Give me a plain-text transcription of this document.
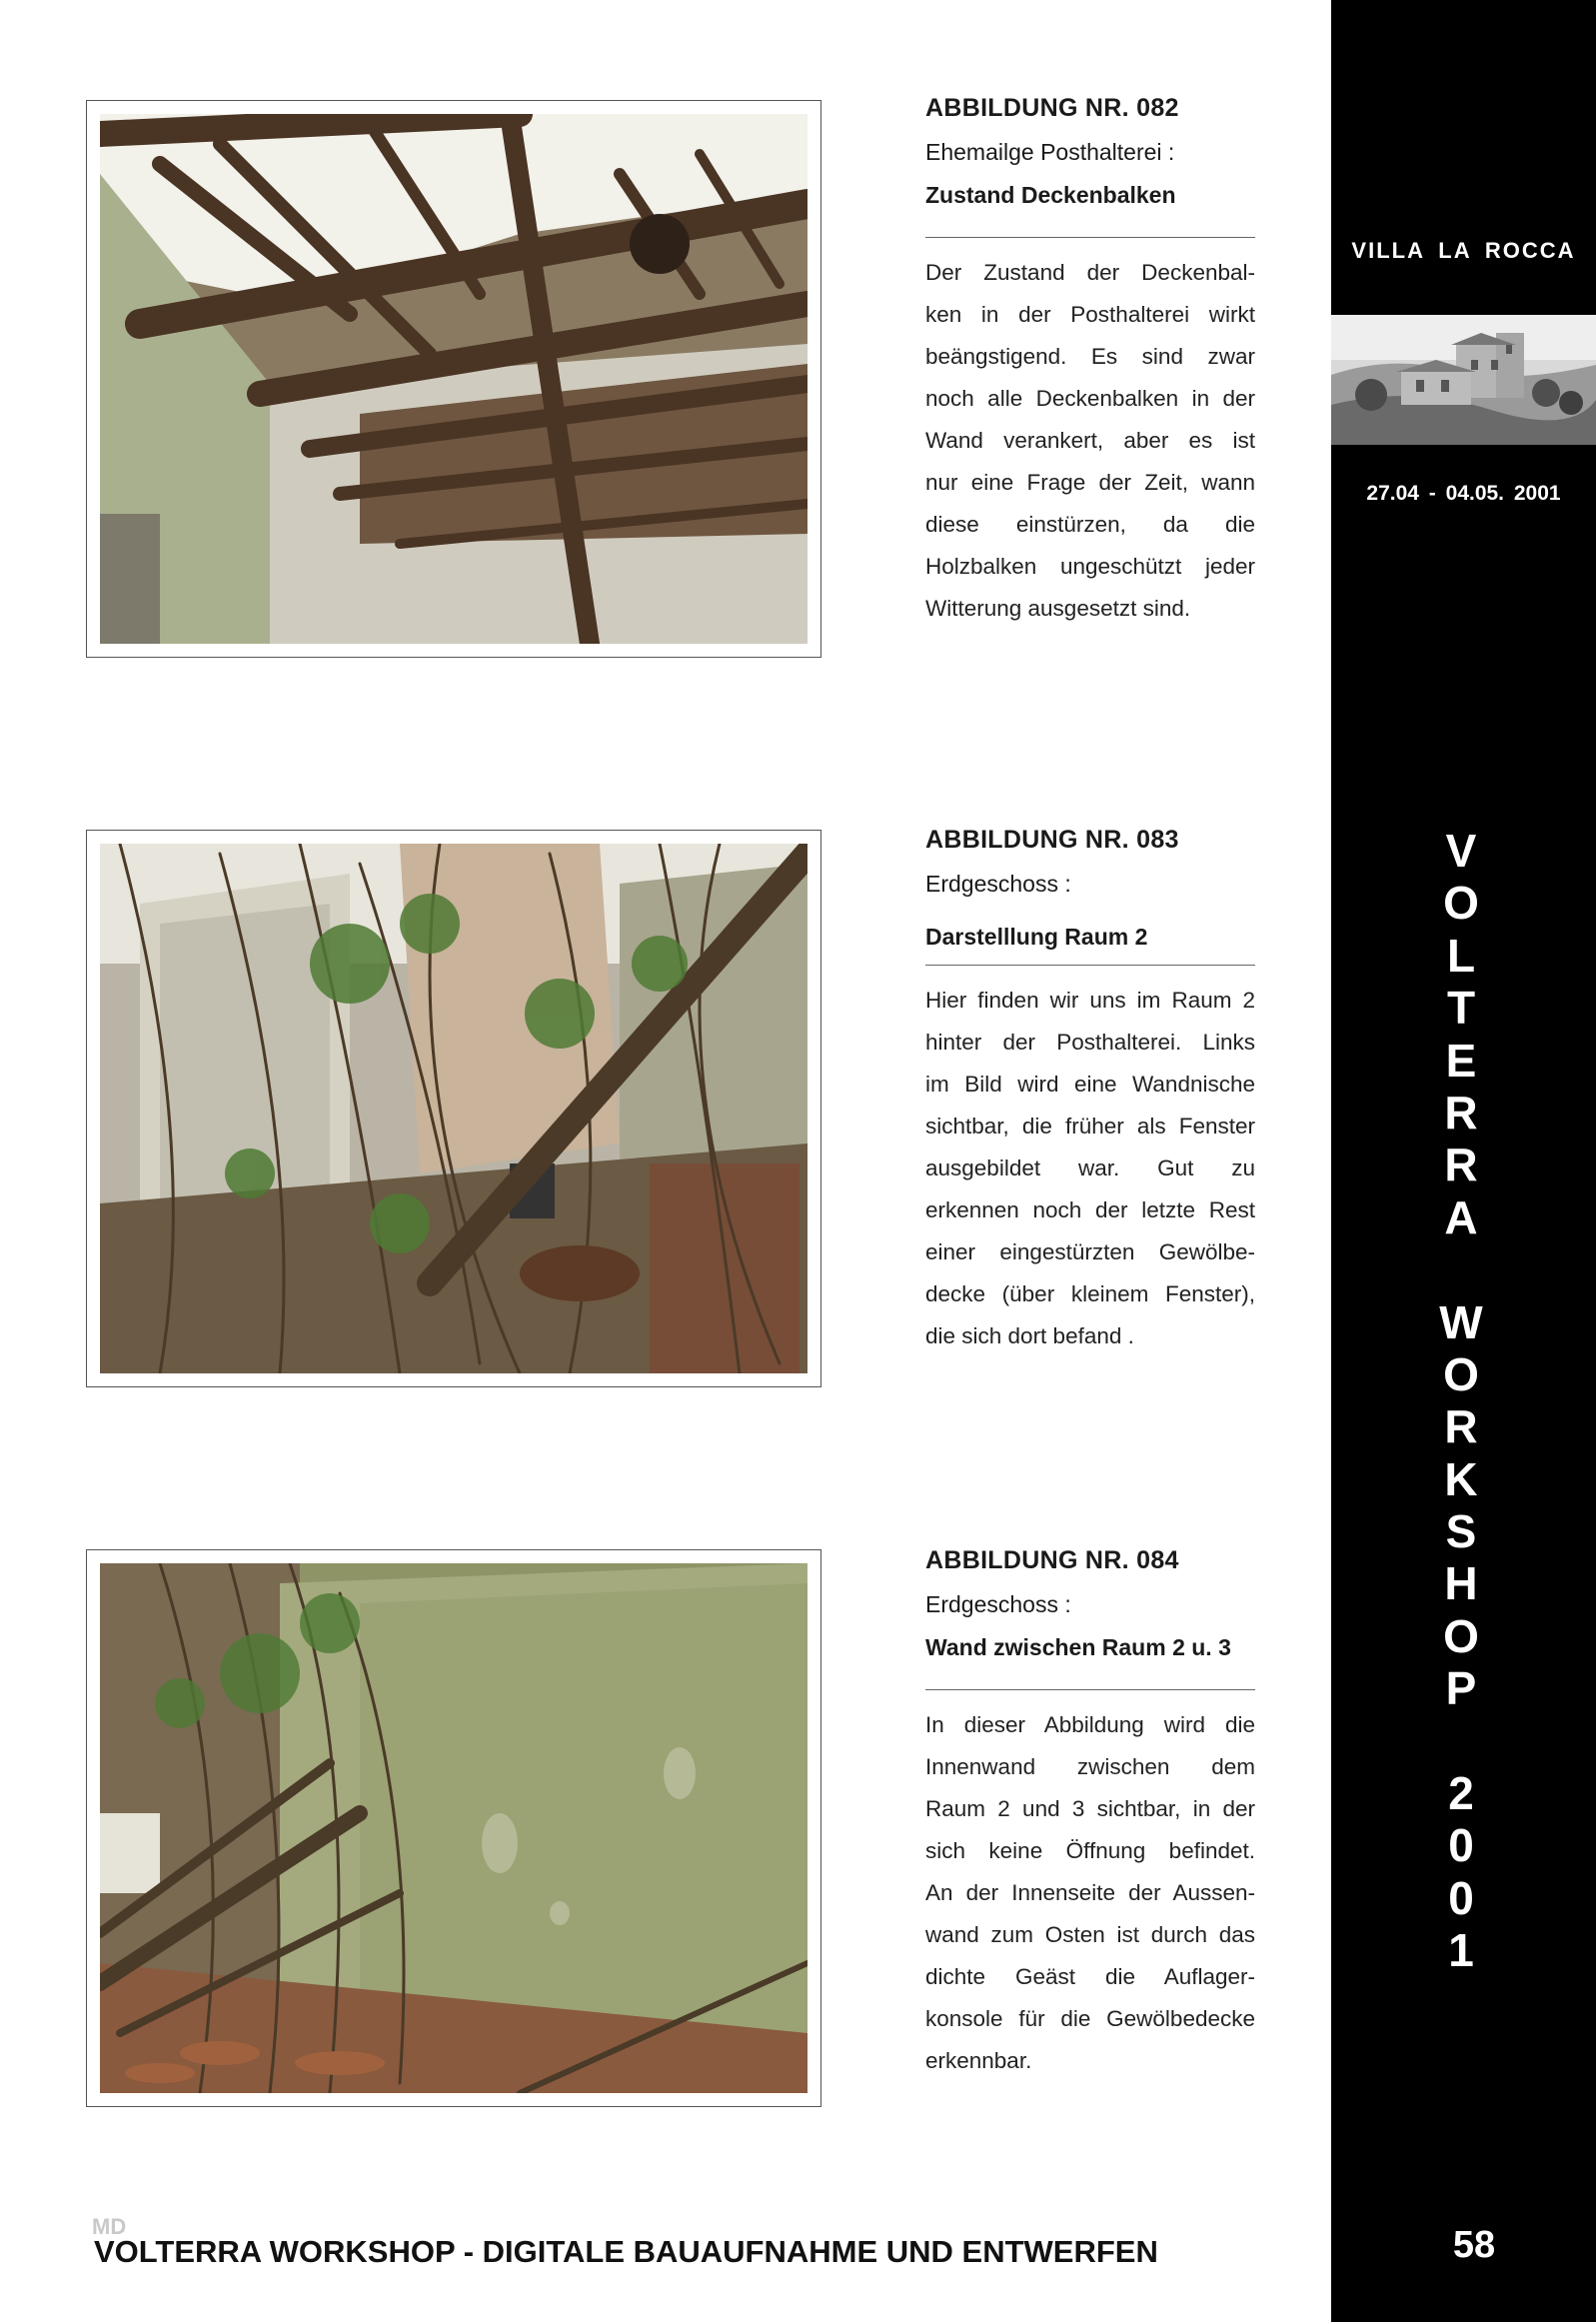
VILLA LA ROCCA
27.04 - 04.05. 2001
V
O
L
T
E
R
R
A
W
O
R
K
S
H
O
P
2
0
0
1
58
ABBILDUNG NR. 082
Ehemailge Posthalterei :
Zustand Deckenbalken
Der Zustand der Deckenbal-
ken in der Posthalterei wirkt
beängstigend. Es sind zwar
noch alle Deckenbalken in der
Wand verankert, aber es ist
nur eine Frage der Zeit, wann
diese einstürzen, da die
Holzbalken ungeschützt jeder
Witterung ausgesetzt sind.
ABBILDUNG NR. 083
Erdgeschoss :
Darstelllung Raum 2
Hier finden wir uns im Raum 2
hinter der Posthalterei. Links
im Bild wird eine Wandnische
sichtbar, die früher als Fenster
ausgebildet war. Gut zu
erkennen noch der letzte Rest
einer eingestürzten Gewölbe-
decke (über kleinem Fenster),
die sich dort befand .
ABBILDUNG NR. 084
Erdgeschoss :
Wand zwischen Raum 2 u. 3
In dieser Abbildung wird die
Innenwand zwischen dem
Raum 2 und 3 sichtbar, in der
sich keine Öffnung befindet.
An der Innenseite der Aussen-
wand zum Osten ist durch das
dichte Geäst die Auflager-
konsole für die Gewölbedecke
erkennbar.
MD
VOLTERRA WORKSHOP - DIGITALE BAUAUFNAHME UND ENTWERFEN
